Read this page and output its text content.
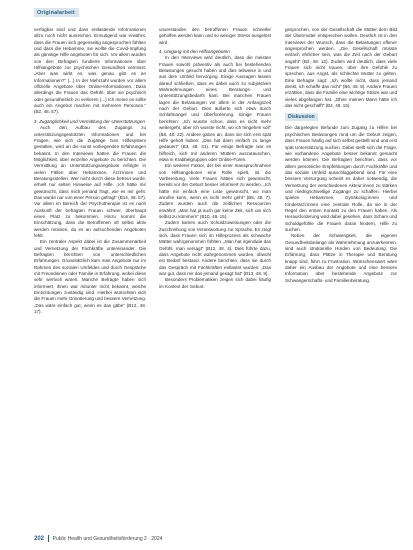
Originalarbeit

verfügbar sind und dass entlastende Informationen allzu noch nicht ausreichen. Ermutigend war erwähnt, dass die Frauen sich gegenseitig angesprochen fühlten und dass die Hebamme, sie wollte die Covid-Impfung als günstige Hilfe angeboten für sich. Vor allem wurden von den Befragten fundierte Informationen über Hilfsangebote zur psychischen Gesundheit vermisst: „Aber was wirkt es, was genau gibt es an Informationen?“ (...) In der Mehrzahl wurden vor allem offizielle Angebote über Online-Informationen. Dass allerdings die Frauen das Gefühl, über sie psychisch oder gesundheitlich zu verlieren (...) Ich meine es sollte auch ein Angebot machen mit mehreren Personen.“ (B2, 48. 57).

3. Zugänglichkeit und Vermittlung der Unterstützungen

Auch den Aufbau des Zugangs zu unterstützungsgestützten Informationen und bei Fragen, wie sich die Zugänge zum Hilfesystem gestalten, wird an die sonst vorliegenden Erfahrungen bekannt. In den Interviews hatten die Frauen die Möglichkeit, über einzelne Angebote zu berichten. Die Vermittlung an Unterstützungsangebote erfolgte in vielen Fällen über Hebammen, Ärzt:innen und Beratungsstellen. Wer nicht durch diese betreut wurde, erhielt nur selten Hinweise auf Hilfe. „Ich hätte mir gewünscht, dass mich jemand fragt, wie es mir geht. Das wurde nur von einer Person gefragt“ (B14, 48. 57). Vor allem im Bereich der Psychotherapie ist es nach Auskunft der befragten Frauen schwer, überhaupt einen Platz zu bekommen. Hinzu kommt die Einschätzung, dass die Betroffenen oft selbst aktiv werden müssen, da es an aufsuchenden Angeboten fehlt.

Ein zentraler Aspekt dabei ist die Zusammenarbeit und Vernetzung der Fachkräfte untereinander. Die Befragten berichten von unterschiedlichen Erfahrungen. Grundsätzlich kam man Angebote nur im Rahmen des sozialen Umfeldes und durch Gespräche mit Freundinnen oder Familie in Erfahrung, wobei diese sehr wertvoll waren. Manche Befragte haben sich informiert, ihnen war mitunter nicht bekannt, welche Einrichtungen zuständig sind. Hierbei wünschten sich die Frauen mehr Orientierung und bessere Vernetzung. „Das wäre einfach gut, wenn es das gäbe“ (B12, 48. 17).

unverstanden den betroffenen Frauen schneller geholfen werden kann und so weniger Stress ausgelöst wird.

4. Umgang mit den Hilfsangeboten

In den Interviews wird deutlich, dass die meisten Frauen sowohl präventiv als auch bei bestehenden Belastungen gesucht haben und dies teilweise in und aus dem Umfeld hervorging. Einige Aussagen lassen darauf schließen, dass es dabei auch zu subjektiven Wahrnehmungen eines Beratungs- und Unterstützungsbedarfs kam. Bei manchen Frauen lagen die Belastungen vor allem in der Anfangszeit nach der Geburt. Dies äußerte sich etwa durch Schlafmangel und Überforderung. Einige Frauen berichten: „Ich wusste schon, dass es nicht mehr weitergeht, aber ich wusste nicht, wo ich hingehen soll“ (B8, 48. 22). Andere gaben an, dass sie sich erst spät Hilfe geholt haben: „Das hat dann einfach zu lange gedauert“ (B3, 48. 31). Für einige Befragte war es hilfreich, sich mit anderen Müttern auszutauschen, etwa in Krabbelgruppen oder Online-Foren.

Ein weiterer Faktor, der bei einer Inanspruchnahme von Hilfsangeboten eine Rolle spielt, ist die Vorbereitung. Viele Frauen hätten sich gewünscht, bereits vor der Geburt besser informiert zu werden. „Ich hätte mir einfach eine Liste gewünscht, wo man anrufen kann, wenn es nicht mehr geht“ (B5, 48. 7). Zudem wurden auch die zeitlichen Ressourcen erwähnt: „Man hat ja auch gar keine Zeit, sich um sich selbst zu kümmern“ (B10, 48. 15).

Zudem kamen auch Schuldzuweisungen oder die Zuschreibung von Verantwortung zur Sprache. Es zeigt sich, dass Frauen sich im Hilfeprozess als schwache Mütter wahrgenommen fühlten. „Man hat irgendwie das Gefühl, man versagt“ (B12, 48. 4). Dies führte dazu, dass Angebote nicht wahrgenommen wurden, obwohl ein Bedarf bestand. Andere berichten, dass sie durch das Gespräch mit Fachkräften entlastet wurden: „Das war gut, dass mir das jemand gesagt hat“ (B13, 48. 9).

Besonders Problematiken zeigen sich dabei häufig im Kontext der Geburt.

gesprochen, von der Gesellschaft die Mütter dem Bild der Übermutter entsprechen wollen. Deutlich ist in den Interviews der Wunsch, dass die Belastungen offener angesprochen werden. „Die Gesellschaft müsste einfach ehrlicher sein, was die Zeit nach der Geburt angeht“ (B2, 48. 12). Zudem wird deutlich, dass viele Frauen sich nicht trauen, über ihre Gefühle zu sprechen, aus Angst, als schlechte Mutter zu gelten. Eine Befragte sagt: „Ich wollte nicht, dass jemand denkt, ich schaffe das nicht“ (B6, 48. 8). Andere Frauen erzählen, dass die Familie eine wichtige Stütze war und vieles abgefangen hat. „Ohne meinen Mann hätte ich das nicht geschafft“ (B4, 48. 16).

Diskussion

Die dargelegten Befunde zum Zugang zu Hilfen bei psychischen Belastungen rund um die Geburt zeigen, dass Frauen häufig auf sich selbst gestellt sind und erst spät Unterstützung suchen. Dabei stellt sich die Frage, wie vorhandene Angebote besser bekannt gemacht werden können. Die Befragten berichten, dass vor allem persönliche Empfehlungen durch Fachkräfte und das soziale Umfeld ausschlaggebend sind. Für eine bessere Versorgung scheint es daher notwendig, die Vernetzung der verschiedenen Akteur:innen zu stärken und niedrigschwellige Zugänge zu schaffen. Hierbei spielen Hebammen, Gynäkolog:innen und Kinderärzt:innen eine zentrale Rolle, da sie in der Regel den ersten Kontakt zu den Frauen haben. Als Herausforderung wird dabei gesehen, dass Scham und Schuldgefühle die Frauen daran hindern, Hilfe zu suchen.

Neben der Schwierigkeit, die eigenen Gesundheitsbelange als Wahrnehmung anzuerkennen, sind auch strukturelle Hürden von Bedeutung. Die Erfahrung, dass Plätze in Therapie und Beratung knapp sind, führt zu Frustration. Wünschenswert wäre daher ein Ausbau der Angebote und eine bessere Information über bestehende Angebote zur Schwangerschafts- und Familienberatung.

202 Public Health und Gesundheitsförderung 2 · 2024
